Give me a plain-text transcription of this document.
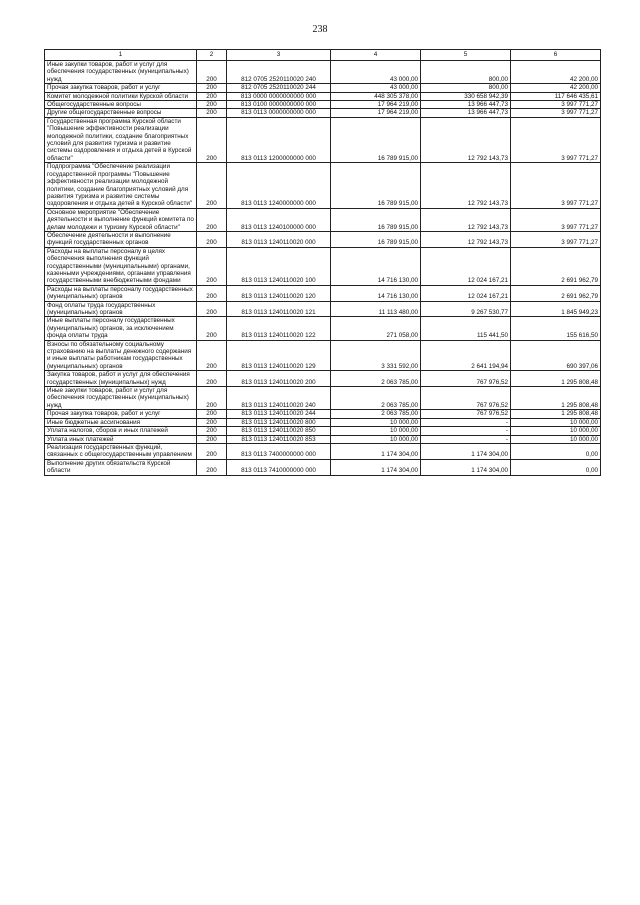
238
1	2	3	4	5	6
Иные закупки товаров, работ и услуг для обеспечения государственных (муниципальных) нужд	200	812 0705 2520110020 240	43 000,00	800,00	42 200,00
Прочая закупка товаров, работ и услуг	200	812 0705 2520110020 244	43 000,00	800,00	42 200,00
Комитет молодежной политики Курской области	200	813 0000 0000000000 000	448 305 378,00	330 658 942,39	117 646 435,61
Общегосударственные вопросы	200	813 0100 0000000000 000	17 964 219,00	13 966 447,73	3 997 771,27
Другие общегосударственные вопросы	200	813 0113 0000000000 000	17 964 219,00	13 966 447,73	3 997 771,27
Государственная программа Курской области "Повышение эффективности реализации молодежной политики, создание благоприятных условий для развития туризма и развитие системы оздоровления и отдыха детей в Курской области"	200	813 0113 1200000000 000	16 789 915,00	12 792 143,73	3 997 771,27
Подпрограмма "Обеспечение реализации государственной программы "Повышение эффективности реализации молодежной политики, создание благоприятных условий для развития туризма и развитие системы оздоровления и отдыха детей в Курской области"	200	813 0113 1240000000 000	16 789 915,00	12 792 143,73	3 997 771,27
Основное мероприятие "Обеспечение деятельности и выполнение функций комитета по делам молодежи и туризму Курской области"	200	813 0113 1240100000 000	16 789 915,00	12 792 143,73	3 997 771,27
Обеспечение деятельности и выполнение функций государственных органов	200	813 0113 1240110020 000	16 789 915,00	12 792 143,73	3 997 771,27
Расходы на выплаты персоналу в целях обеспечения выполнения функций государственными (муниципальными) органами, казенными учреждениями, органами управления государственными внебюджетными фондами	200	813 0113 1240110020 100	14 716 130,00	12 024 167,21	2 691 962,79
Расходы на выплаты персоналу государственных (муниципальных) органов	200	813 0113 1240110020 120	14 716 130,00	12 024 167,21	2 691 962,79
Фонд оплаты труда государственных (муниципальных) органов	200	813 0113 1240110020 121	11 113 480,00	9 267 530,77	1 845 949,23
Иные выплаты персоналу государственных (муниципальных) органов, за исключением фонда оплаты труда	200	813 0113 1240110020 122	271 058,00	115 441,50	155 616,50
Взносы по обязательному социальному страхованию на выплаты денежного содержания и иные выплаты работникам государственных (муниципальных) органов	200	813 0113 1240110020 129	3 331 592,00	2 641 194,94	690 397,06
Закупка товаров, работ и услуг для обеспечения государственных (муниципальных) нужд	200	813 0113 1240110020 200	2 063 785,00	767 976,52	1 295 808,48
Иные закупки товаров, работ и услуг для обеспечения государственных (муниципальных) нужд	200	813 0113 1240110020 240	2 063 785,00	767 976,52	1 295 808,48
Прочая закупка товаров, работ и услуг	200	813 0113 1240110020 244	2 063 785,00	767 976,52	1 295 808,48
Иные бюджетные ассигнования	200	813 0113 1240110020 800	10 000,00	-	10 000,00
Уплата налогов, сборов и иных платежей	200	813 0113 1240110020 850	10 000,00	-	10 000,00
Уплата иных платежей	200	813 0113 1240110020 853	10 000,00	-	10 000,00
Реализация государственных функций, связанных с общегосударственным управлением	200	813 0113 7400000000 000	1 174 304,00	1 174 304,00	0,00
Выполнение других обязательств Курской области	200	813 0113 7410000000 000	1 174 304,00	1 174 304,00	0,00
